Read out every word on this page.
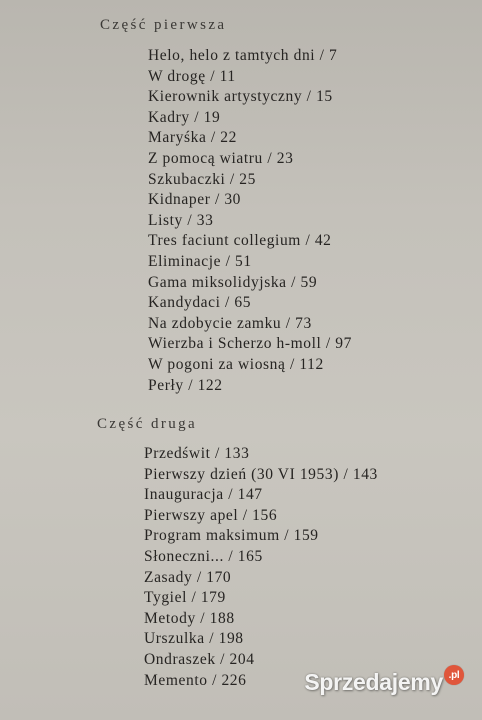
Część pierwsza
Helo, helo z tamtych dni / 7
W drogę / 11
Kierownik artystyczny / 15
Kadry / 19
Maryśka / 22
Z pomocą wiatru / 23
Szkubaczki / 25
Kidnaper / 30
Listy / 33
Tres faciunt collegium / 42
Eliminacje / 51
Gama miksolidyjska / 59
Kandydaci / 65
Na zdobycie zamku / 73
Wierzba i Scherzo h-moll / 97
W pogoni za wiosną / 112
Perły / 122
Część druga
Przedświt / 133
Pierwszy dzień (30 VI 1953) / 143
Inauguracja / 147
Pierwszy apel / 156
Program maksimum / 159
Słoneczni... / 165
Zasady / 170
Tygiel / 179
Metody / 188
Urszulka / 198
Ondraszek / 204
Memento / 226	Sprzedajemy .pl
